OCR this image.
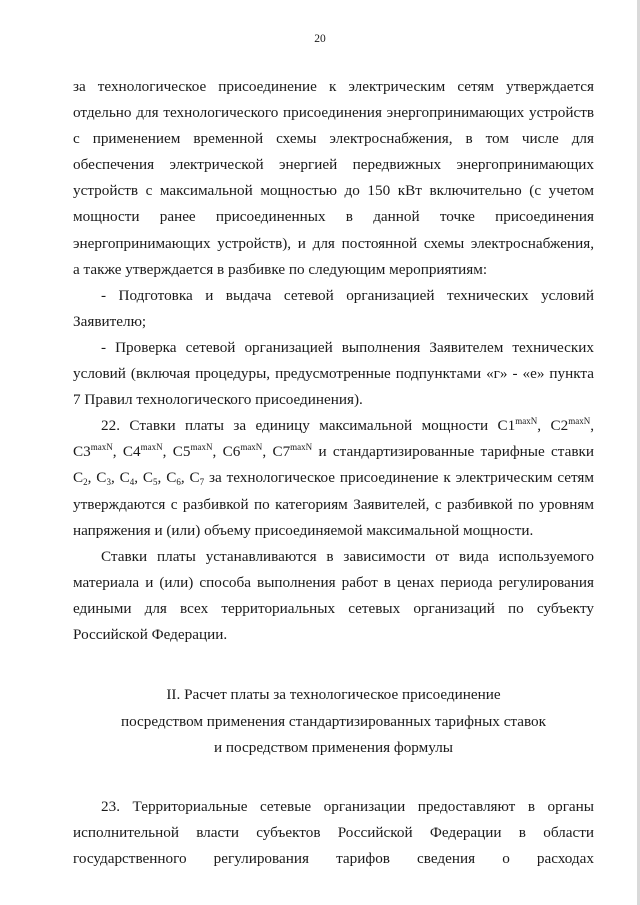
20

за технологическое присоединение к электрическим сетям утверждается

отдельно для технологического присоединения энергопринимающих устройств

с применением временной схемы электроснабжения, в том числе для

обеспечения электрической энергией передвижных энергопринимающих

устройств с максимальной мощностью до 150 кВт включительно (с учетом

мощности ранее присоединенных в данной точке присоединения

энергопринимающих устройств), и для постоянной схемы электроснабжения,

а также утверждается в разбивке по следующим мероприятиям:

- Подготовка и выдача сетевой организацией технических условий

Заявителю;

- Проверка сетевой организацией выполнения Заявителем технических

условий (включая процедуры, предусмотренные подпунктами «г» - «е» пункта

7 Правил технологического присоединения).

22. Ставки платы за единицу максимальной мощности $C1^{maxN}$, $C2^{maxN}$,

$C3^{maxN}$, $C4^{maxN}$, $C5^{maxN}$, $C6^{maxN}$, $C7^{maxN}$ и стандартизированные тарифные ставки

$C_2$, $C_3$, $C_4$, $C_5$, $C_6$, $C_7$ за технологическое присоединение к электрическим сетям

утверждаются с разбивкой по категориям Заявителей, с разбивкой по уровням

напряжения и (или) объему присоединяемой максимальной мощности.

Ставки платы устанавливаются в зависимости от вида используемого

материала и (или) способа выполнения работ в ценах периода регулирования

едиными для всех территориальных сетевых организаций по субъекту

Российской Федерации.

II. Расчет платы за технологическое присоединение
посредством применения стандартизированных тарифных ставок
и посредством применения формулы

23. Территориальные сетевые организации предоставляют в органы

исполнительной власти субъектов Российской Федерации в области

государственного регулирования тарифов сведения о расходах
